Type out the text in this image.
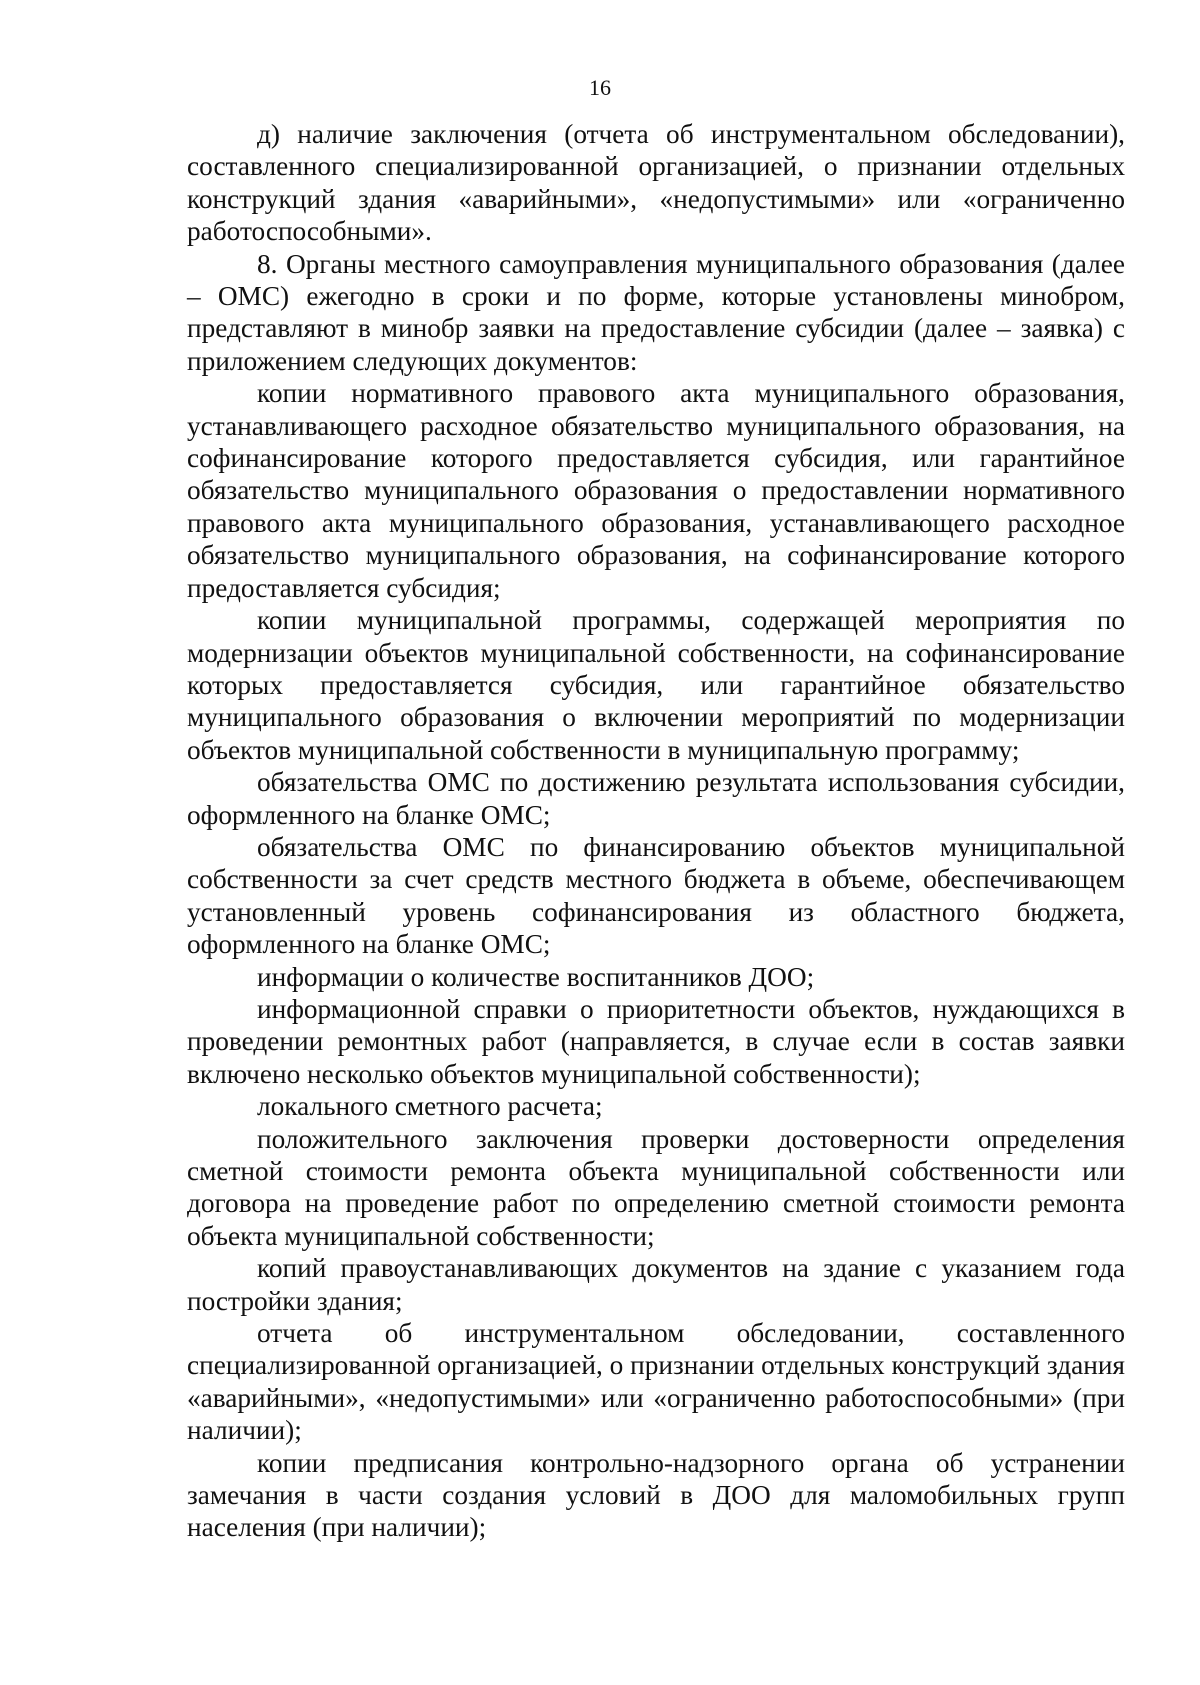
16

д) наличие заключения (отчета об инструментальном обследовании), составленного специализированной организацией, о признании отдельных конструкций здания «аварийными», «недопустимыми» или «ограниченно работоспособными».

8. Органы местного самоуправления муниципального образования (далее – ОМС) ежегодно в сроки и по форме, которые установлены минобром, представляют в минобр заявки на предоставление субсидии (далее – заявка) с приложением следующих документов:

копии нормативного правового акта муниципального образования, устанавливающего расходное обязательство муниципального образования, на софинансирование которого предоставляется субсидия, или гарантийное обязательство муниципального образования о предоставлении нормативного правового акта муниципального образования, устанавливающего расходное обязательство муниципального образования, на софинансирование которого предоставляется субсидия;

копии муниципальной программы, содержащей мероприятия по модернизации объектов муниципальной собственности, на софинансирование которых предоставляется субсидия, или гарантийное обязательство муниципального образования о включении мероприятий по модернизации объектов муниципальной собственности в муниципальную программу;

обязательства ОМС по достижению результата использования субсидии, оформленного на бланке ОМС;

обязательства ОМС по финансированию объектов муниципальной собственности за счет средств местного бюджета в объеме, обеспечивающем установленный уровень софинансирования из областного бюджета, оформленного на бланке ОМС;

информации о количестве воспитанников ДОО;

информационной справки о приоритетности объектов, нуждающихся в проведении ремонтных работ (направляется, в случае если в состав заявки включено несколько объектов муниципальной собственности);

локального сметного расчета;

положительного заключения проверки достоверности определения сметной стоимости ремонта объекта муниципальной собственности или договора на проведение работ по определению сметной стоимости ремонта объекта муниципальной собственности;

копий правоустанавливающих документов на здание с указанием года постройки здания;

отчета об инструментальном обследовании, составленного специализированной организацией, о признании отдельных конструкций здания «аварийными», «недопустимыми» или «ограниченно работоспособными» (при наличии);

копии предписания контрольно-надзорного органа об устранении замечания в части создания условий в ДОО для маломобильных групп населения (при наличии);
